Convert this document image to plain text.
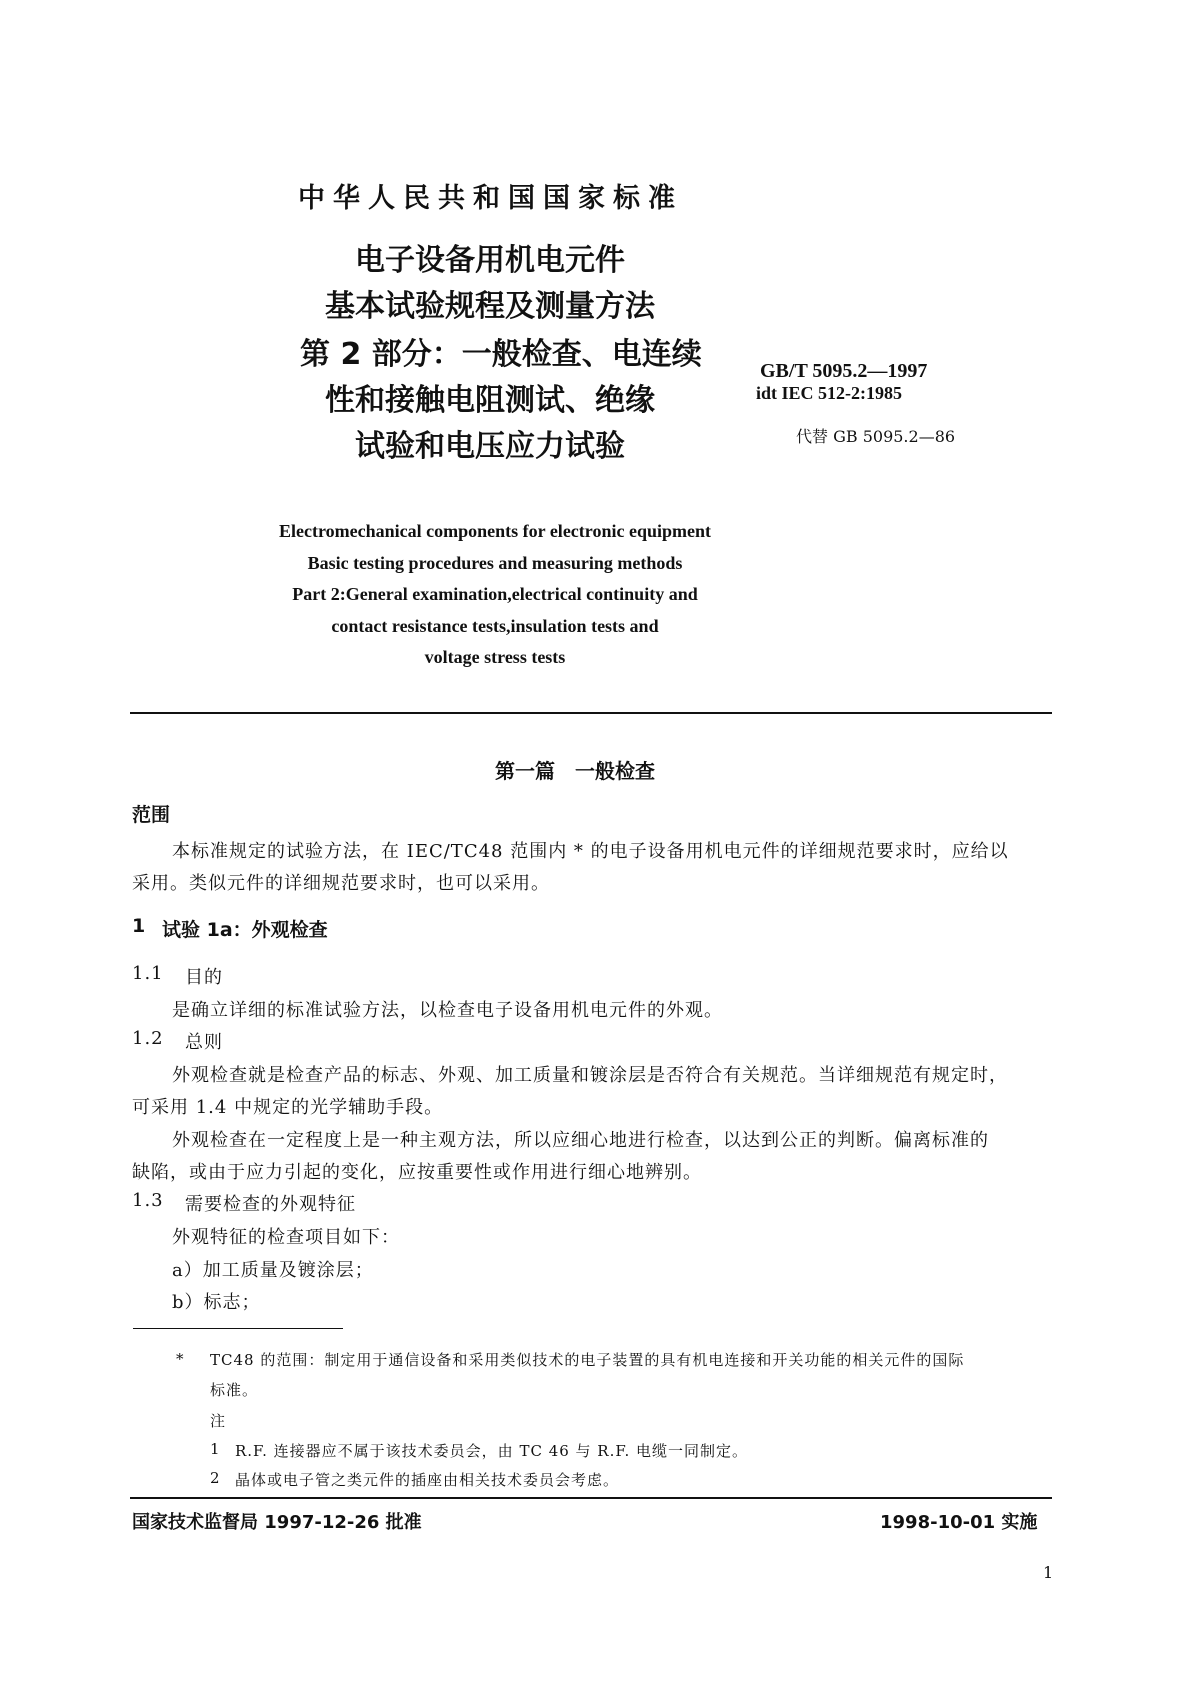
中华人民共和国国家标准
电子设备用机电元件
基本试验规程及测量方法
第 2 部分：一般检查、电连续
性和接触电阻测试、绝缘
试验和电压应力试验
GB/T 5095.2—1997
idt IEC 512-2:1985
代替 GB 5095.2—86
Electromechanical components for electronic equipment
Basic testing procedures and measuring methods
Part 2:General examination,electrical continuity and
contact resistance tests,insulation tests and
voltage stress tests
第一篇　一般检查
范围
本标准规定的试验方法，在 IEC/TC48 范围内 * 的电子设备用机电元件的详细规范要求时，应给以
采用。类似元件的详细规范要求时，也可以采用。
1 试验 1a：外观检查
1.1 目的
是确立详细的标准试验方法，以检查电子设备用机电元件的外观。
1.2 总则
外观检查就是检查产品的标志、外观、加工质量和镀涂层是否符合有关规范。当详细规范有规定时，
可采用 1.4 中规定的光学辅助手段。
外观检查在一定程度上是一种主观方法，所以应细心地进行检查，以达到公正的判断。偏离标准的
缺陷，或由于应力引起的变化，应按重要性或作用进行细心地辨别。
1.3 需要检查的外观特征
外观特征的检查项目如下：
a）加工质量及镀涂层；
b）标志；
* TC48 的范围：制定用于通信设备和采用类似技术的电子装置的具有机电连接和开关功能的相关元件的国际
标准。
注
1 R.F. 连接器应不属于该技术委员会，由 TC 46 与 R.F. 电缆一同制定。
2 晶体或电子管之类元件的插座由相关技术委员会考虑。
国家技术监督局 1997-12-26 批准	1998-10-01 实施
1
